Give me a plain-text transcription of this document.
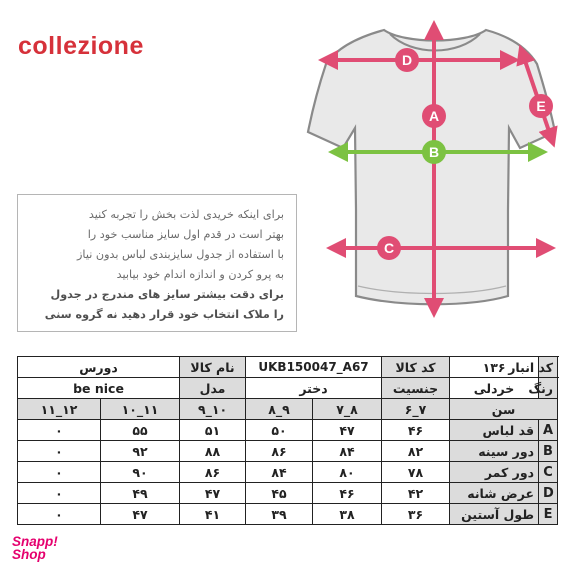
collezione
A
B
C
D
E
برای اینکه خریدی لذت بخش را تجربه کنید
بهتر است در قدم اول سایز مناسب خود را
با استفاده از جدول سایزبندی لباس بدون نیاز
به پرو کردن و اندازه اندام خود بیابید
برای دقت بیشتر سایز های مندرج در جدول
را ملاک انتخاب خود قرار دهید نه گروه سنی
دورس		نام کالا	UKB150047_A67		کد کالا	۱۳۶	کد انبار
be nice		مدل	دختر		جنسیت	خردلی	رنگ
۱۱_۱۲	۱۰_۱۱	۹_۱۰	۸_۹	۷_۸	۶_۷	سن	
۰	۵۵	۵۱	۵۰	۴۷	۴۶	قد لباس	A
۰	۹۲	۸۸	۸۶	۸۴	۸۲	دور سینه	B
۰	۹۰	۸۶	۸۴	۸۰	۷۸	دور کمر	C
۰	۴۹	۴۷	۴۵	۴۶	۴۲	عرض شانه	D
۰	۴۷	۴۱	۳۹	۳۸	۳۶	طول آستین	E
Snapp!
Shop
